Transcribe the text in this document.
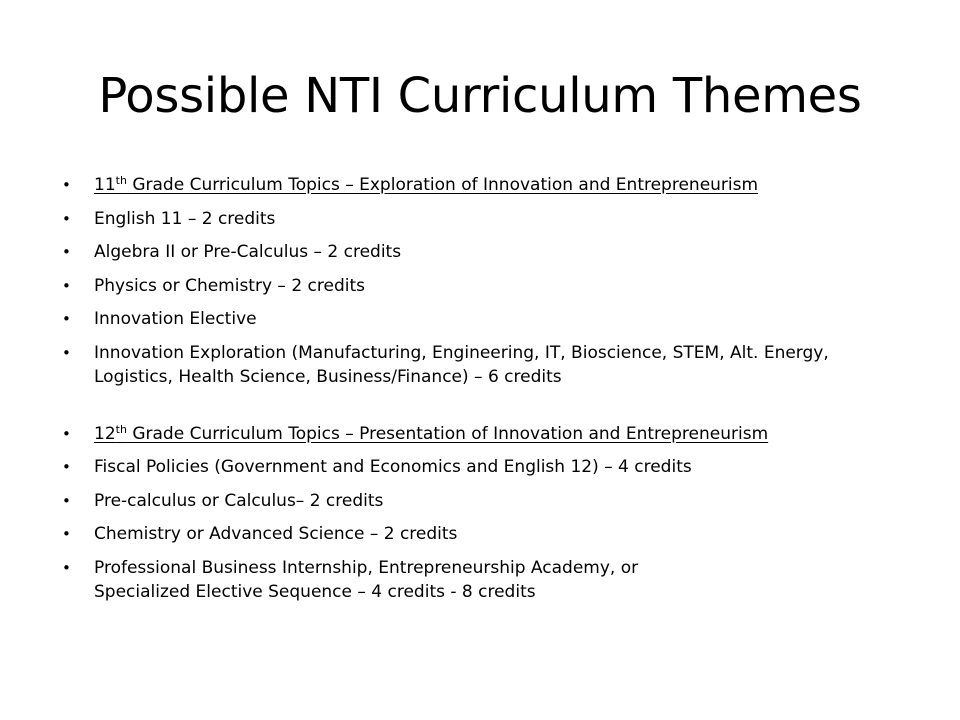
Possible NTI Curriculum Themes
• 11th Grade Curriculum Topics – Exploration of Innovation and Entrepreneurism
• English 11 – 2 credits
• Algebra II or Pre-Calculus – 2 credits
• Physics or Chemistry – 2 credits
• Innovation Elective
• Innovation Exploration (Manufacturing, Engineering, IT, Bioscience, STEM, Alt. Energy, Logistics, Health Science, Business/Finance) – 6 credits
• 12th Grade Curriculum Topics – Presentation of Innovation and Entrepreneurism
• Fiscal Policies (Government and Economics and English 12) – 4 credits
• Pre-calculus or Calculus– 2 credits
• Chemistry or Advanced Science – 2 credits
• Professional Business Internship, Entrepreneurship Academy, or
Specialized Elective Sequence – 4 credits - 8 credits
